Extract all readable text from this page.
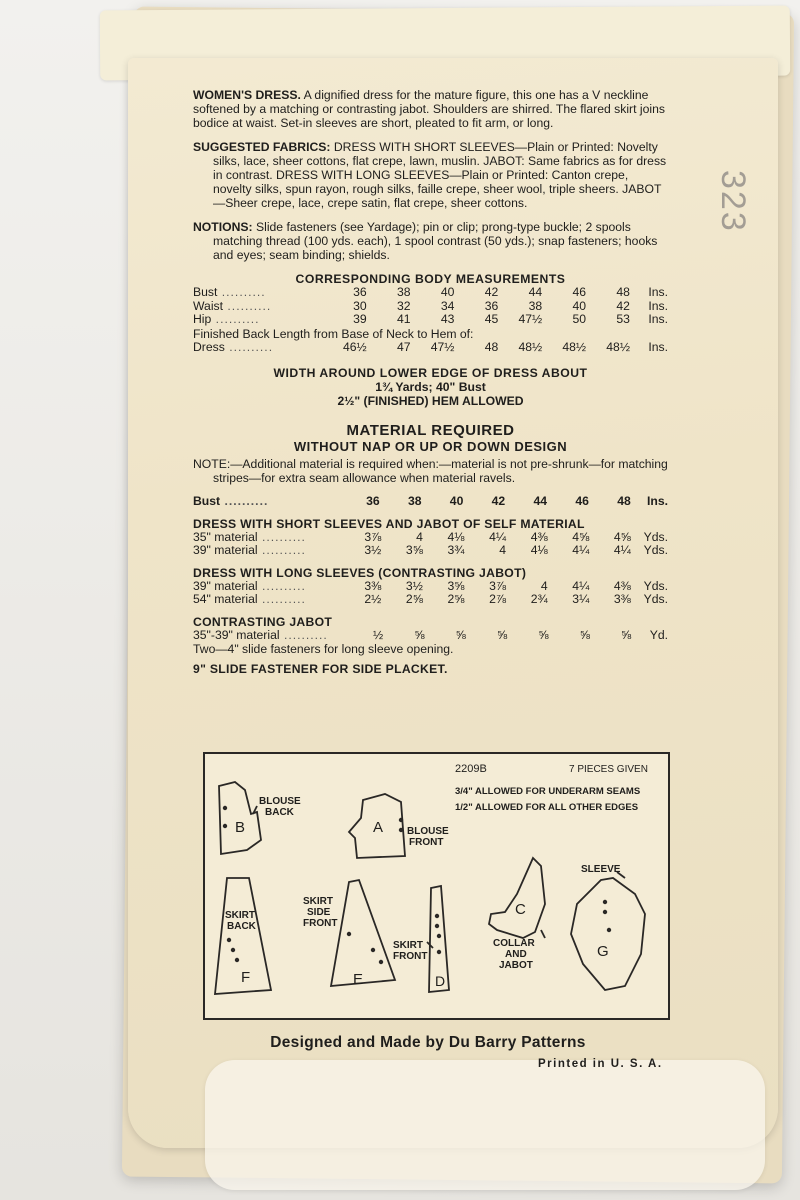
323
WOMEN'S DRESS. A dignified dress for the mature figure, this one has a V neckline softened by a matching or contrasting jabot. Shoulders are shirred. The flared skirt joins bodice at waist. Set-in sleeves are short, pleated to fit arm, or long.
SUGGESTED FABRICS: DRESS WITH SHORT SLEEVES—Plain or Printed: Novelty silks, lace, sheer cottons, flat crepe, lawn, muslin. JABOT: Same fabrics as for dress in contrast. DRESS WITH LONG SLEEVES—Plain or Printed: Canton crepe, novelty silks, spun rayon, rough silks, faille crepe, sheer wool, triple sheers. JABOT—Sheer crepe, lace, crepe satin, flat crepe, sheer cottons.
NOTIONS: Slide fasteners (see Yardage); pin or clip; prong-type buckle; 2 spools matching thread (100 yds. each), 1 spool contrast (50 yds.); snap fasteners; hooks and eyes; seam binding; shields.
CORRESPONDING BODY MEASUREMENTS
Bust ..........	36	38	40	42	44	46	48	Ins.
Waist ..........	30	32	34	36	38	40	42	Ins.
Hip ..........	39	41	43	45	47½	50	53	Ins.
Finished Back Length from Base of Neck to Hem of:
Dress ..........	46½	47	47½	48	48½	48½	48½	Ins.
WIDTH AROUND LOWER EDGE OF DRESS ABOUT
1¾ Yards; 40" Bust
2½" (FINISHED) HEM ALLOWED
MATERIAL REQUIRED
WITHOUT NAP OR UP OR DOWN DESIGN
NOTE:—Additional material is required when:—material is not pre-shrunk—for matching stripes—for extra seam allowance when material ravels.
Bust ..........	36	38	40	42	44	46	48	Ins.
DRESS WITH SHORT SLEEVES AND JABOT OF SELF MATERIAL
35" material ..........	3⅞	4	4⅛	4¼	4⅜	4⅝	4⅝	Yds.
39" material ..........	3½	3⅝	3¾	4	4⅛	4¼	4¼	Yds.
DRESS WITH LONG SLEEVES (CONTRASTING JABOT)
39" material ..........	3⅜	3½	3⅝	3⅞	4	4¼	4⅜	Yds.
54" material ..........	2½	2⅝	2⅝	2⅞	2¾	3¼	3⅜	Yds.
CONTRASTING JABOT
35"-39" material ..........	½	⅝	⅝	⅝	⅝	⅝	⅝	Yd.
Two—4" slide fasteners for long sleeve opening.
9" SLIDE FASTENER FOR SIDE PLACKET.
2209B	7 PIECES GIVEN
3/4" ALLOWED FOR UNDERARM SEAMS
1/2" ALLOWED FOR ALL OTHER EDGES
B
BLOUSE
BACK
A BLOUSE
FRONT
F
SKIRT
BACK
E
SKIRT
SIDE
FRONT
D
SKIRT
FRONT
C
COLLAR
AND
JABOT
G
SLEEVE
Designed and Made by Du Barry Patterns
Printed in U. S. A.
